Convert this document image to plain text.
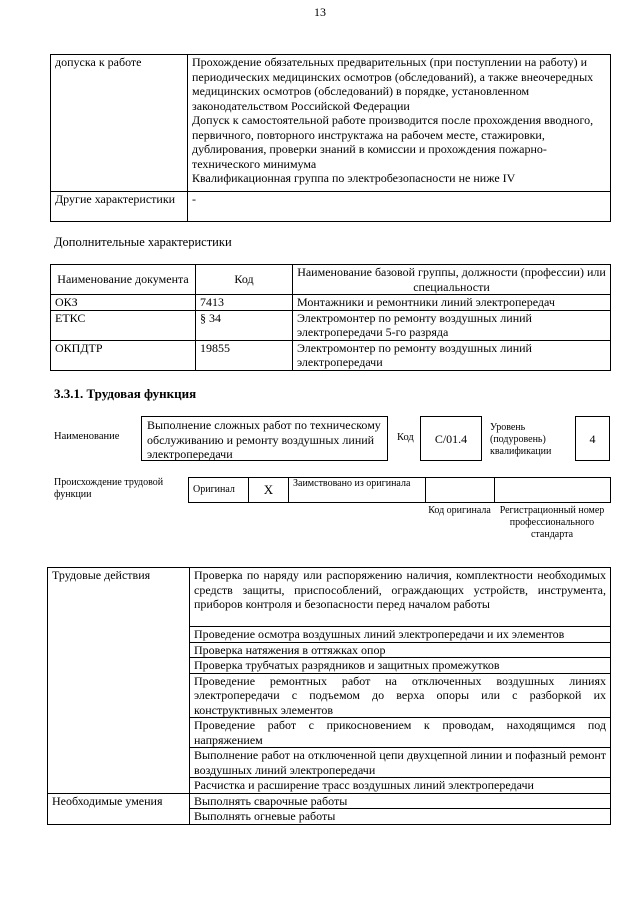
13
допуска к работе	Прохождение обязательных предварительных (при поступлении на работу) и периодических медицинских осмотров (обследований), а также внеочередных медицинских осмотров (обследований) в порядке, установленном законодательством Российской Федерации
Допуск к самостоятельной работе производится после прохождения вводного, первичного, повторного инструктажа на рабочем месте, стажировки, дублирования, проверки знаний в комиссии и прохождения пожарно-технического минимума
Квалификационная группа по электробезопасности не ниже IV

Другие характеристики	-
Дополнительные характеристики
Наименование документа	Код	Наименование базовой группы, должности (профессии) или специальности
ОКЗ	7413	Монтажники и ремонтники линий электропередач
ЕТКС	§ 34	Электромонтер по ремонту воздушных линий электропередачи 5-го разряда
ОКПДТР	19855	Электромонтер по ремонту воздушных линий электропередачи
3.3.1. Трудовая функция
Наименование
Выполнение сложных работ по техническому обслуживанию и ремонту воздушных линий электропередачи
Код	C/01.4
Уровень (подуровень) квалификации
4
Происхождение трудовой функции	Оригинал	X	Заимствовано из оригинала		
Код оригинала Регистрационный номер профессионального стандарта
Трудовые действия	Проверка по наряду или распоряжению наличия, комплектности необходимых средств защиты, приспособлений, ограждающих устройств, инструмента, приборов контроля и безопасности перед началом работы
	Проведение осмотра воздушных линий электропередачи и их элементов
	Проверка натяжения в оттяжках опор
	Проверка трубчатых разрядников и защитных промежутков
	Проведение ремонтных работ на отключенных воздушных линиях электропередачи с подъемом до верха опоры или с разборкой их конструктивных элементов
	Проведение работ с прикосновением к проводам, находящимся под напряжением
	Выполнение работ на отключенной цепи двухцепной линии и пофазный ремонт воздушных линий электропередачи
	Расчистка и расширение трасс воздушных линий электропередачи
Необходимые умения	Выполнять сварочные работы
	Выполнять огневые работы
